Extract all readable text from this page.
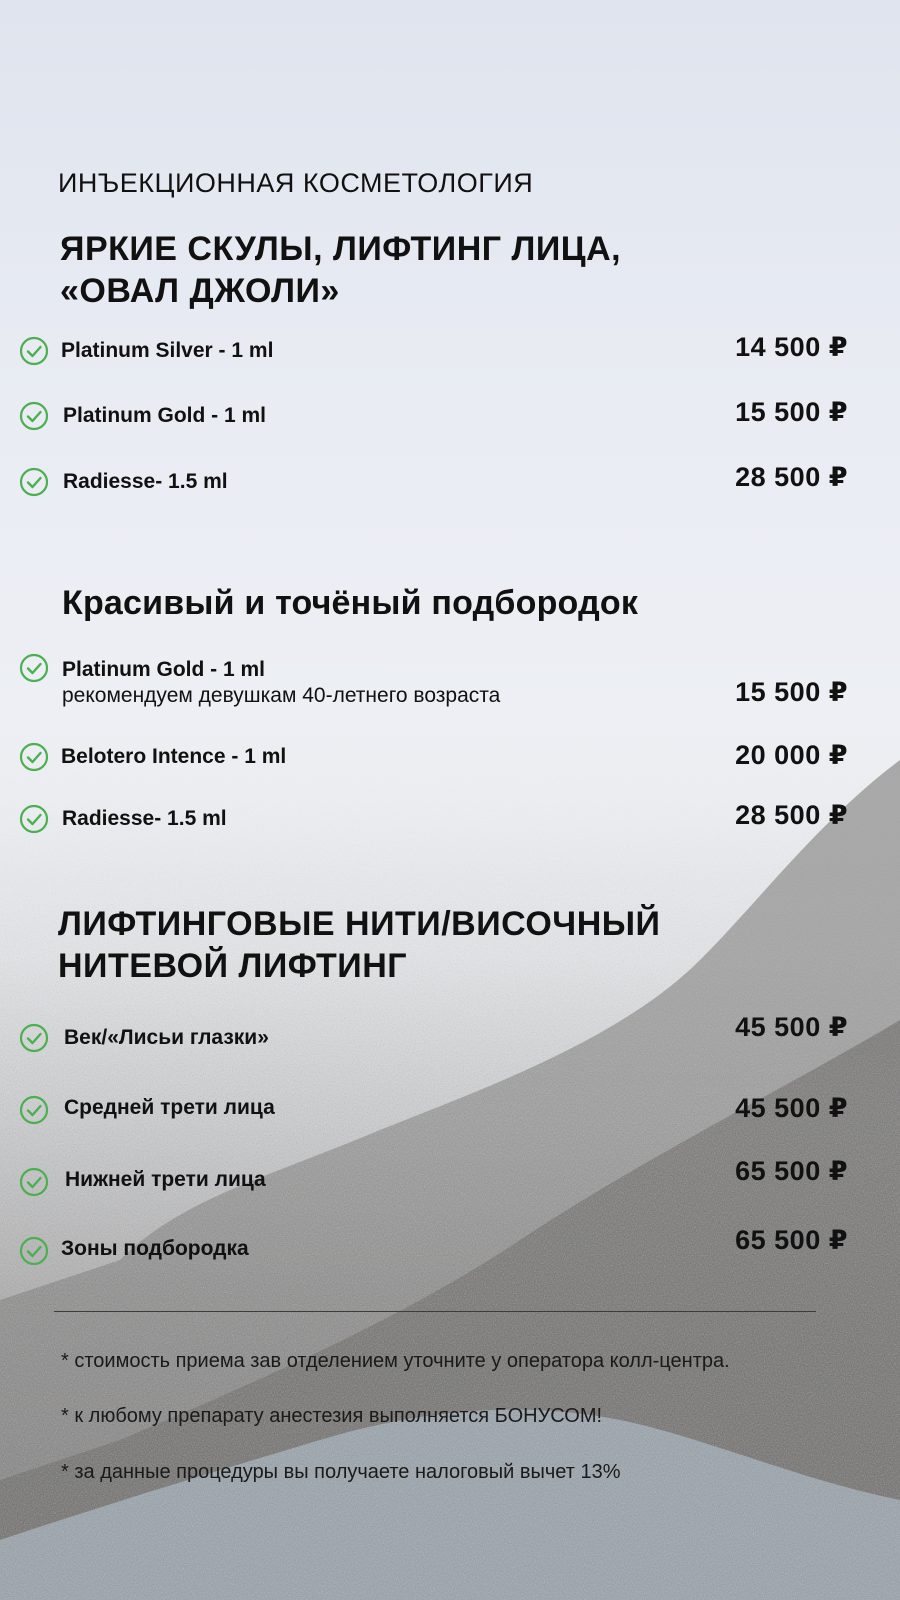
ИНЪЕКЦИОННАЯ КОСМЕТОЛОГИЯ
ЯРКИЕ СКУЛЫ, ЛИФТИНГ ЛИЦА,
«ОВАЛ ДЖОЛИ»
Platinum Silver - 1 ml	14 500 ₽
Platinum Gold - 1 ml	15 500 ₽
Radiesse- 1.5 ml	28 500 ₽
Красивый и точёный подбородок
Platinum Gold - 1 ml
рекомендуем девушкам 40-летнего возраста	15 500 ₽
Belotero Intence - 1 ml	20 000 ₽
Radiesse- 1.5 ml	28 500 ₽
ЛИФТИНГОВЫЕ НИТИ/ВИСОЧНЫЙ
НИТЕВОЙ ЛИФТИНГ
Век/«Лисьи глазки»	45 500 ₽
Средней трети лица	45 500 ₽
Нижней трети лица	65 500 ₽
Зоны подбородка	65 500 ₽
* стоимость приема зав отделением уточните у оператора колл-центра.
* к любому препарату анестезия выполняется БОНУСОМ!
* за данные процедуры вы получаете налоговый вычет 13%
